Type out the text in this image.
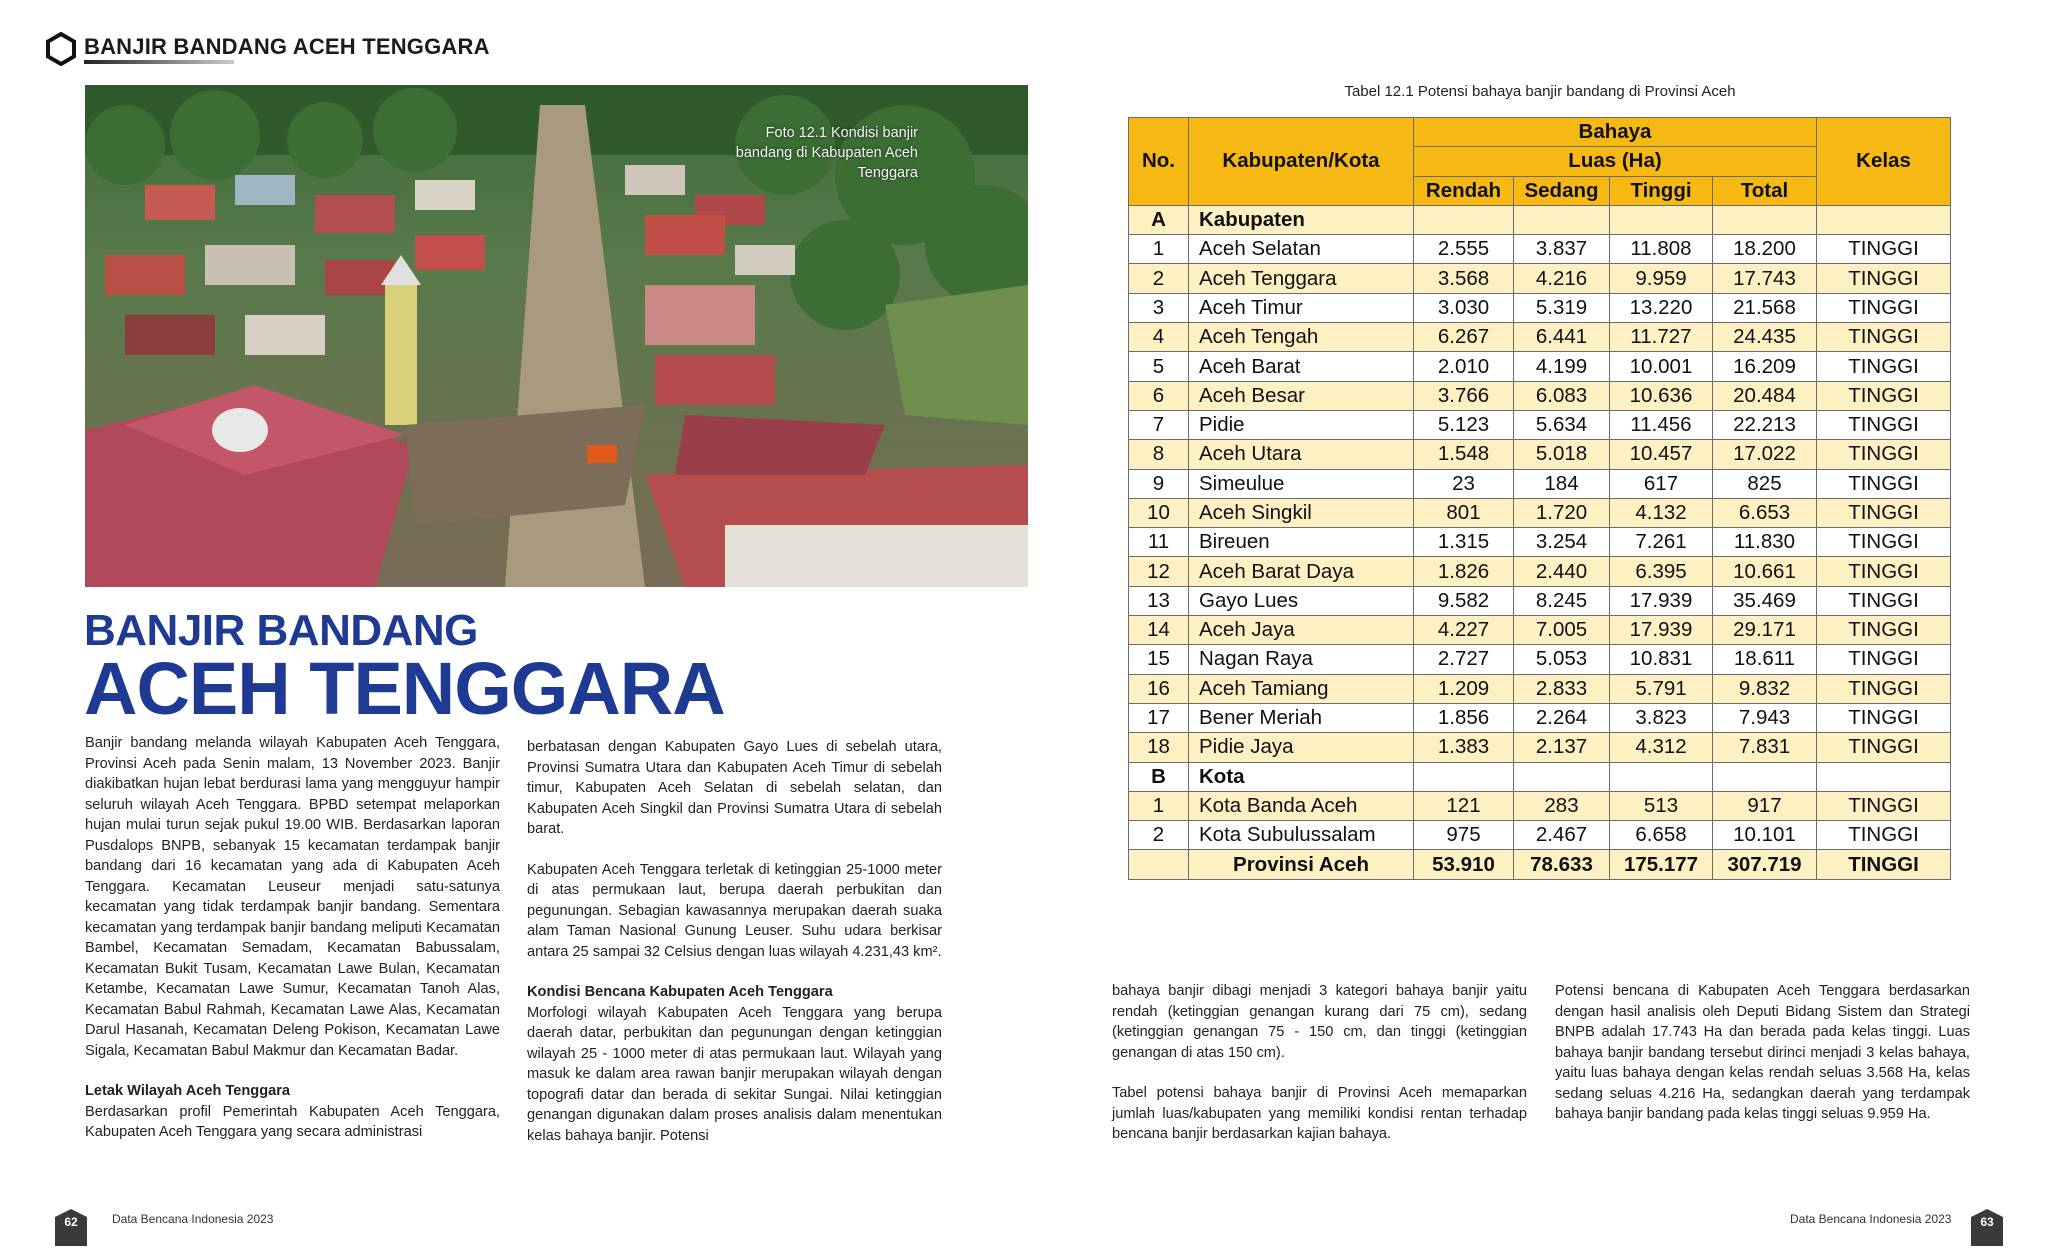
BANJIR BANDANG ACEH TENGGARA
Foto 12.1 Kondisi banjir bandang di Kabupaten Aceh Tenggara
BANJIR BANDANG
ACEH TENGGARA

Banjir bandang melanda wilayah Kabupaten Aceh Tenggara, Provinsi Aceh pada Senin malam, 13 November 2023. Banjir diakibatkan hujan lebat berdurasi lama yang mengguyur hampir seluruh wilayah Aceh Tenggara. BPBD setempat melaporkan hujan mulai turun sejak pukul 19.00 WIB. Berdasarkan laporan Pusdalops BNPB, sebanyak 15 kecamatan terdampak banjir bandang dari 16 kecamatan yang ada di Kabupaten Aceh Tenggara. Kecamatan Leuseur menjadi satu-satunya kecamatan yang tidak terdampak banjir bandang. Sementara kecamatan yang terdampak banjir bandang meliputi Kecamatan Bambel, Kecamatan Semadam, Kecamatan Babussalam, Kecamatan Bukit Tusam, Kecamatan Lawe Bulan, Kecamatan Ketambe, Kecamatan Lawe Sumur, Kecamatan Tanoh Alas, Kecamatan Babul Rahmah, Kecamatan Lawe Alas, Kecamatan Darul Hasanah, Kecamatan Deleng Pokison, Kecamatan Lawe Sigala, Kecamatan Babul Makmur dan Kecamatan Badar.

Letak Wilayah Aceh Tenggara

Berdasarkan profil Pemerintah Kabupaten Aceh Tenggara, Kabupaten Aceh Tenggara yang secara administrasi

berbatasan dengan Kabupaten Gayo Lues di sebelah utara, Provinsi Sumatra Utara dan Kabupaten Aceh Timur di sebelah timur, Kabupaten Aceh Selatan di sebelah selatan, dan Kabupaten Aceh Singkil dan Provinsi Sumatra Utara di sebelah barat.

Kabupaten Aceh Tenggara terletak di ketinggian 25-1000 meter di atas permukaan laut, berupa daerah perbukitan dan pegunungan. Sebagian kawasannya merupakan daerah suaka alam Taman Nasional Gunung Leuser. Suhu udara berkisar antara 25 sampai 32 Celsius dengan luas wilayah 4.231,43 km².

Kondisi Bencana Kabupaten Aceh Tenggara

Morfologi wilayah Kabupaten Aceh Tenggara yang berupa daerah datar, perbukitan dan pegunungan dengan ketinggian wilayah 25 - 1000 meter di atas permukaan laut. Wilayah yang masuk ke dalam area rawan banjir merupakan wilayah dengan topografi datar dan berada di sekitar Sungai. Nilai ketinggian genangan digunakan dalam proses analisis dalam menentukan kelas bahaya banjir. Potensi

Tabel 12.1 Potensi bahaya banjir bandang di Provinsi Aceh
No.	Kabupaten/Kota	Bahaya				Kelas
		Luas (Ha)				
		Rendah	Sedang	Tinggi	Total	
A	Kabupaten					
1	Aceh Selatan	2.555	3.837	11.808	18.200	TINGGI
2	Aceh Tenggara	3.568	4.216	9.959	17.743	TINGGI
3	Aceh Timur	3.030	5.319	13.220	21.568	TINGGI
4	Aceh Tengah	6.267	6.441	11.727	24.435	TINGGI
5	Aceh Barat	2.010	4.199	10.001	16.209	TINGGI
6	Aceh Besar	3.766	6.083	10.636	20.484	TINGGI
7	Pidie	5.123	5.634	11.456	22.213	TINGGI
8	Aceh Utara	1.548	5.018	10.457	17.022	TINGGI
9	Simeulue	23	184	617	825	TINGGI
10	Aceh Singkil	801	1.720	4.132	6.653	TINGGI
11	Bireuen	1.315	3.254	7.261	11.830	TINGGI
12	Aceh Barat Daya	1.826	2.440	6.395	10.661	TINGGI
13	Gayo Lues	9.582	8.245	17.939	35.469	TINGGI
14	Aceh Jaya	4.227	7.005	17.939	29.171	TINGGI
15	Nagan Raya	2.727	5.053	10.831	18.611	TINGGI
16	Aceh Tamiang	1.209	2.833	5.791	9.832	TINGGI
17	Bener Meriah	1.856	2.264	3.823	7.943	TINGGI
18	Pidie Jaya	1.383	2.137	4.312	7.831	TINGGI
B	Kota					
1	Kota Banda Aceh	121	283	513	917	TINGGI
2	Kota Subulussalam	975	2.467	6.658	10.101	TINGGI
	Provinsi Aceh	53.910	78.633	175.177	307.719	TINGGI

bahaya banjir dibagi menjadi 3 kategori bahaya banjir yaitu rendah (ketinggian genangan kurang dari 75 cm), sedang (ketinggian genangan 75 - 150 cm, dan tinggi (ketinggian genangan di atas 150 cm).

Tabel potensi bahaya banjir di Provinsi Aceh memaparkan jumlah luas/kabupaten yang memiliki kondisi rentan terhadap bencana banjir berdasarkan kajian bahaya.

Potensi bencana di Kabupaten Aceh Tenggara berdasarkan dengan hasil analisis oleh Deputi Bidang Sistem dan Strategi BNPB adalah 17.743 Ha dan berada pada kelas tinggi. Luas bahaya banjir bandang tersebut dirinci menjadi 3 kelas bahaya, yaitu luas bahaya dengan kelas rendah seluas 3.568 Ha, kelas sedang seluas 4.216 Ha, sedangkan daerah yang terdampak bahaya banjir bandang pada kelas tinggi seluas 9.959 Ha.

62	Data Bencana Indonesia 2023	Data Bencana Indonesia 2023	63
